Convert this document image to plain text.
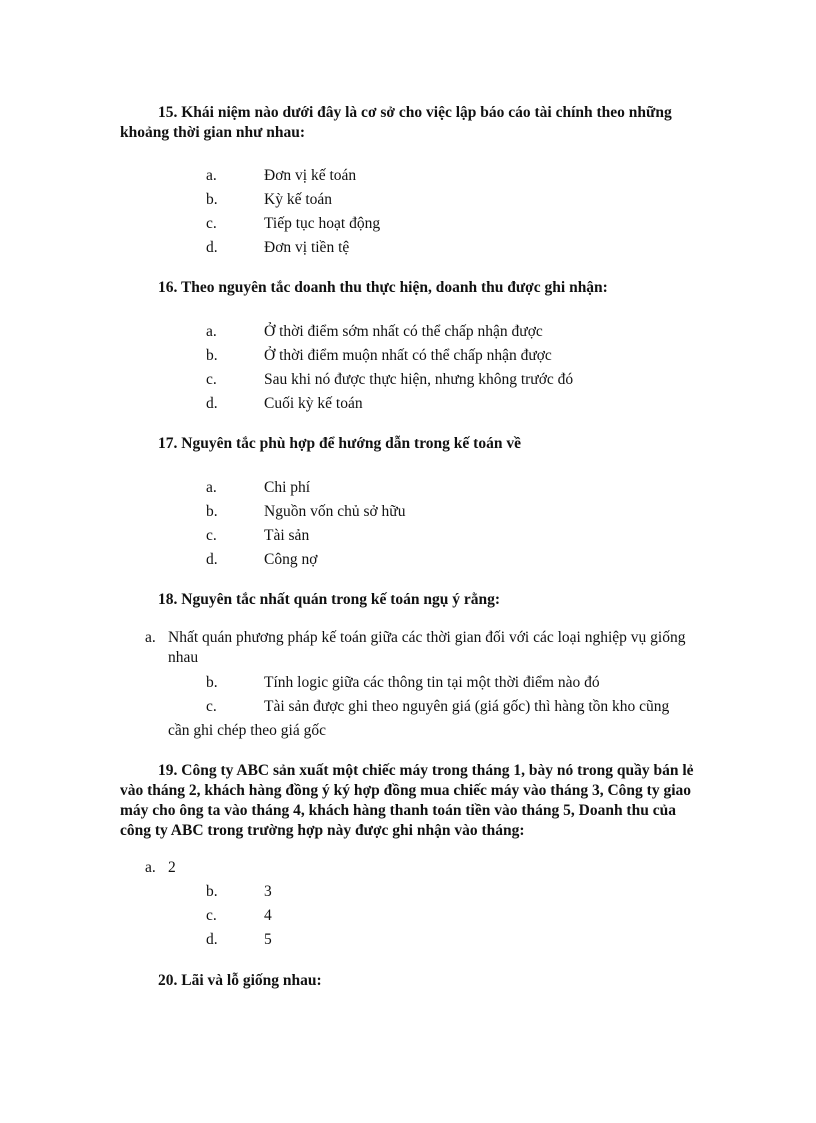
15. Khái niệm nào dưới đây là cơ sở cho việc lập báo cáo tài chính theo những khoảng thời gian như nhau:

a.	Đơn vị kế toán
b.	Kỳ kế toán
c.	Tiếp tục hoạt động
d.	Đơn vị tiền tệ

16. Theo nguyên tắc doanh thu thực hiện, doanh thu được ghi nhận:

a.	Ở thời điểm sớm nhất có thể chấp nhận được
b.	Ở thời điểm muộn nhất có thể chấp nhận được
c.	Sau khi nó được thực hiện, nhưng không trước đó
d.	Cuối kỳ kế toán

17. Nguyên tắc phù hợp để hướng dẫn trong kế toán về

a.	Chi phí
b.	Nguồn vốn chủ sở hữu
c.	Tài sản
d.	Công nợ

18. Nguyên tắc nhất quán trong kế toán ngụ ý rằng:

a. Nhất quán phương pháp kế toán giữa các thời gian đối với các loại nghiệp vụ giống nhau
b.	Tính logic giữa các thông tin tại một thời điểm nào đó
c.	Tài sản được ghi theo nguyên giá (giá gốc) thì hàng tồn kho cũng
cần ghi chép theo giá gốc

19. Công ty ABC sản xuất một chiếc máy trong tháng 1, bày nó trong quầy bán lẻ vào tháng 2, khách hàng đồng ý ký hợp đồng mua chiếc máy vào tháng 3, Công ty giao máy cho ông ta vào tháng 4, khách hàng thanh toán tiền vào tháng 5, Doanh thu của công ty ABC trong trường hợp này được ghi nhận vào tháng:

a. 2
b.	3
c.	4
d.	5

20. Lãi và lỗ giống nhau:
